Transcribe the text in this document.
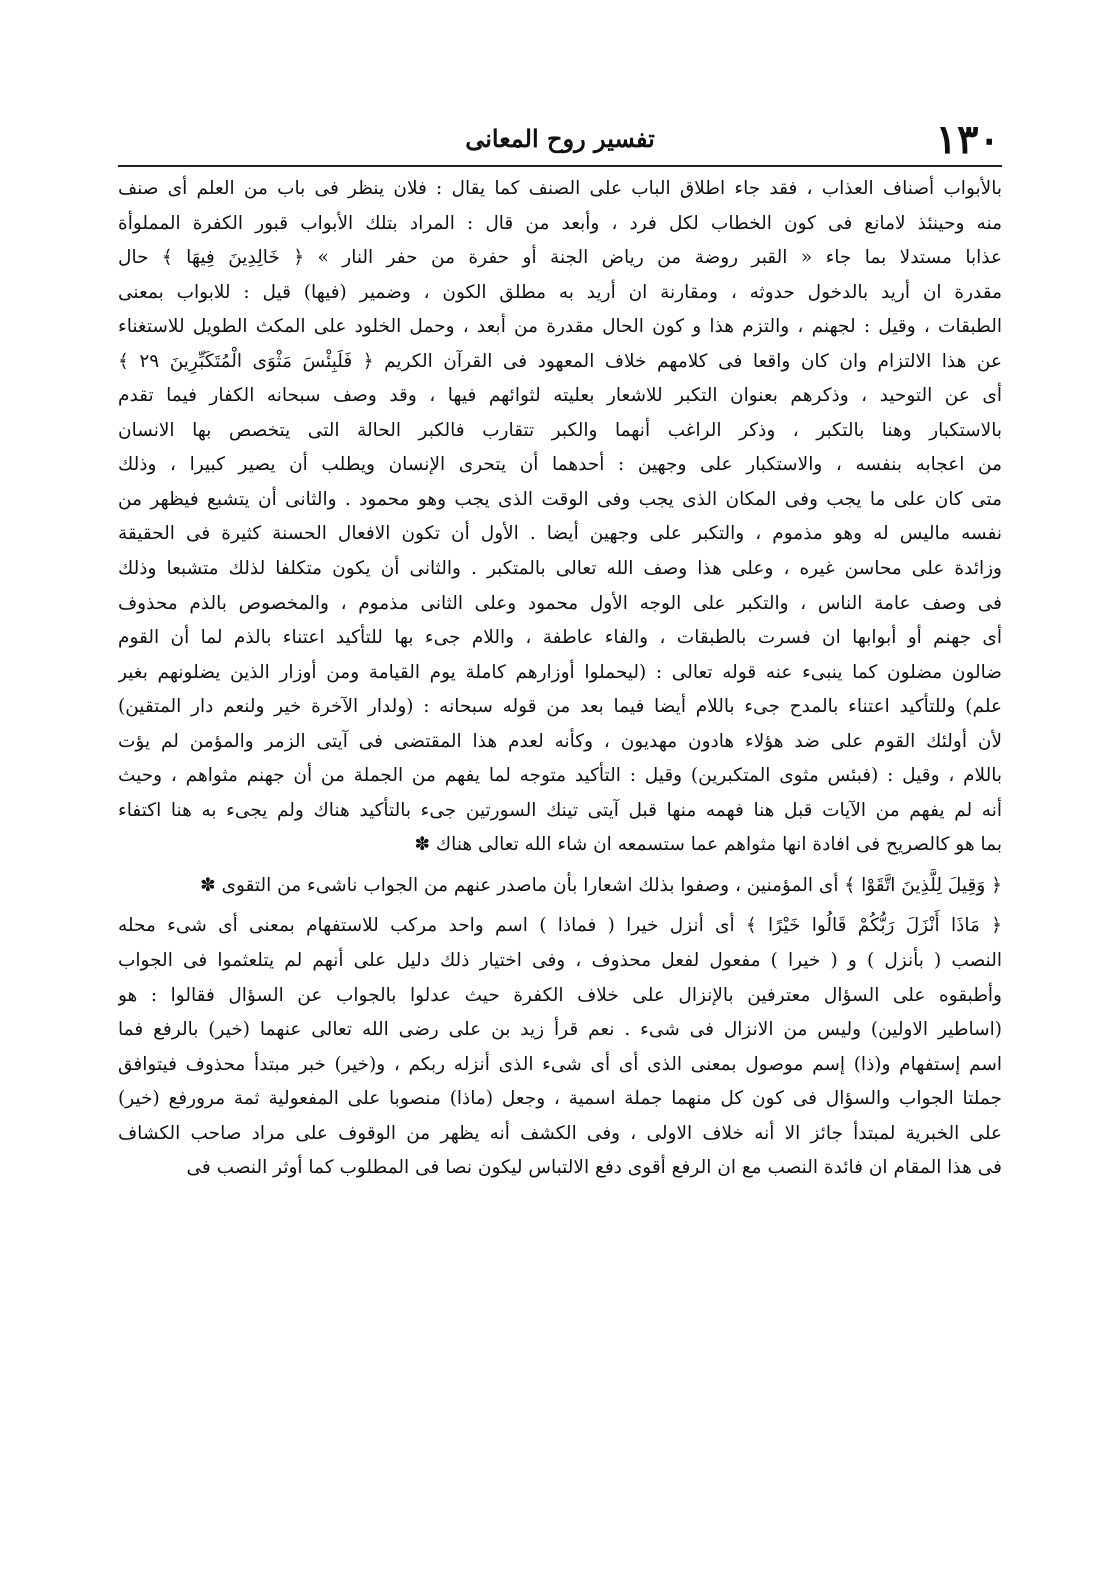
١٣٠
تفسير روح المعانى
بالأبواب أصناف العذاب ، فقد جاء اطلاق الباب على الصنف كما يقال : فلان ينظر فى باب من العلم أى صنف
منه وحينئذ لامانع فى كون الخطاب لكل فرد ، وأبعد من قال : المراد بتلك الأبواب قبور الكفرة المملوأة
عذابا مستدلا بما جاء « القبر روضة من رياض الجنة أو حفرة من حفر النار » ﴿ خَالِدِينَ فِيهَا ﴾ حال
مقدرة ان أريد بالدخول حدوثه ، ومقارنة ان أريد به مطلق الكون ، وضمير (فيها) قيل : للابواب بمعنى
الطبقات ، وقيل : لجهنم ، والتزم هذا و كون الحال مقدرة من أبعد ، وحمل الخلود على المكث الطويل للاستغناء
عن هذا الالتزام وان كان واقعا فى كلامهم خلاف المعهود فى القرآن الكريم ﴿ فَلَبِئْسَ مَثْوَى الْمُتَكَبِّرِينَ ٢٩ ﴾
أى عن التوحيد ، وذكرهم بعنوان التكبر للاشعار بعليته لثوائهم فيها ، وقد وصف سبحانه الكفار فيما تقدم
بالاستكبار وهنا بالتكبر ، وذكر الراغب أنهما والكبر تتقارب فالكبر الحالة التى يتخصص بها الانسان
من اعجابه بنفسه ، والاستكبار على وجهين : أحدهما أن يتحرى الإنسان ويطلب أن يصير كبيرا ، وذلك
متى كان على ما يجب وفى المكان الذى يجب وفى الوقت الذى يجب وهو محمود . والثانى أن يتشبع فيظهر من
نفسه ماليس له وهو مذموم ، والتكبر على وجهين أيضا . الأول أن تكون الافعال الحسنة كثيرة فى الحقيقة
وزائدة على محاسن غيره ، وعلى هذا وصف الله تعالى بالمتكبر . والثانى أن يكون متكلفا لذلك متشبعا وذلك
فى وصف عامة الناس ، والتكبر على الوجه الأول محمود وعلى الثانى مذموم ، والمخصوص بالذم محذوف
أى جهنم أو أبوابها ان فسرت بالطبقات ، والفاء عاطفة ، واللام جىء بها للتأكيد اعتناء بالذم لما أن القوم
ضالون مضلون كما ينبىء عنه قوله تعالى : (ليحملوا أوزارهم كاملة يوم القيامة ومن أوزار الذين يضلونهم بغير
علم) وللتأكيد اعتناء بالمدح جىء باللام أيضا فيما بعد من قوله سبحانه : (ولدار الآخرة خير ولنعم دار المتقين)
لأن أولئك القوم على ضد هؤلاء هادون مهديون ، وكأنه لعدم هذا المقتضى فى آيتى الزمر والمؤمن لم يؤت
باللام ، وقيل : (فبئس مثوى المتكبرين) وقيل : التأكيد متوجه لما يفهم من الجملة من أن جهنم مثواهم ، وحيث
أنه لم يفهم من الآيات قبل هنا فهمه منها قبل آيتى تينك السورتين جىء بالتأكيد هناك ولم يجىء به هنا اكتفاء
بما هو كالصريح فى افادة انها مثواهم عما ستسمعه ان شاء الله تعالى هناك ✽
﴿ وَقِيلَ لِلَّذِينَ اتَّقَوْا ﴾ أى المؤمنين ، وصفوا بذلك اشعارا بأن ماصدر عنهم من الجواب ناشىء من التقوى ✽
﴿ مَاذَا أَنْزَلَ رَبُّكُمْ قَالُوا خَيْرًا ﴾ أى أنزل خيرا ( فماذا ) اسم واحد مركب للاستفهام بمعنى أى شىء محله
النصب ( بأنزل ) و ( خيرا ) مفعول لفعل محذوف ، وفى اختيار ذلك دليل على أنهم لم يتلعثموا فى الجواب
وأطبقوه على السؤال معترفين بالإنزال على خلاف الكفرة حيث عدلوا بالجواب عن السؤال فقالوا : هو
(اساطير الاولين) وليس من الانزال فى شىء . نعم قرأ زيد بن على رضى الله تعالى عنهما (خير) بالرفع فما
اسم إستفهام و(ذا) إسم موصول بمعنى الذى أى أى شىء الذى أنزله ربكم ، و(خير) خبر مبتدأ محذوف فيتوافق
جملتا الجواب والسؤال فى كون كل منهما جملة اسمية ، وجعل (ماذا) منصوبا على المفعولية ثمة مرورفع (خير)
على الخبرية لمبتدأ جائز الا أنه خلاف الاولى ، وفى الكشف أنه يظهر من الوقوف على مراد صاحب الكشاف
فى هذا المقام ان فائدة النصب مع ان الرفع أقوى دفع الالتباس ليكون نصا فى المطلوب كما أوثر النصب فى
